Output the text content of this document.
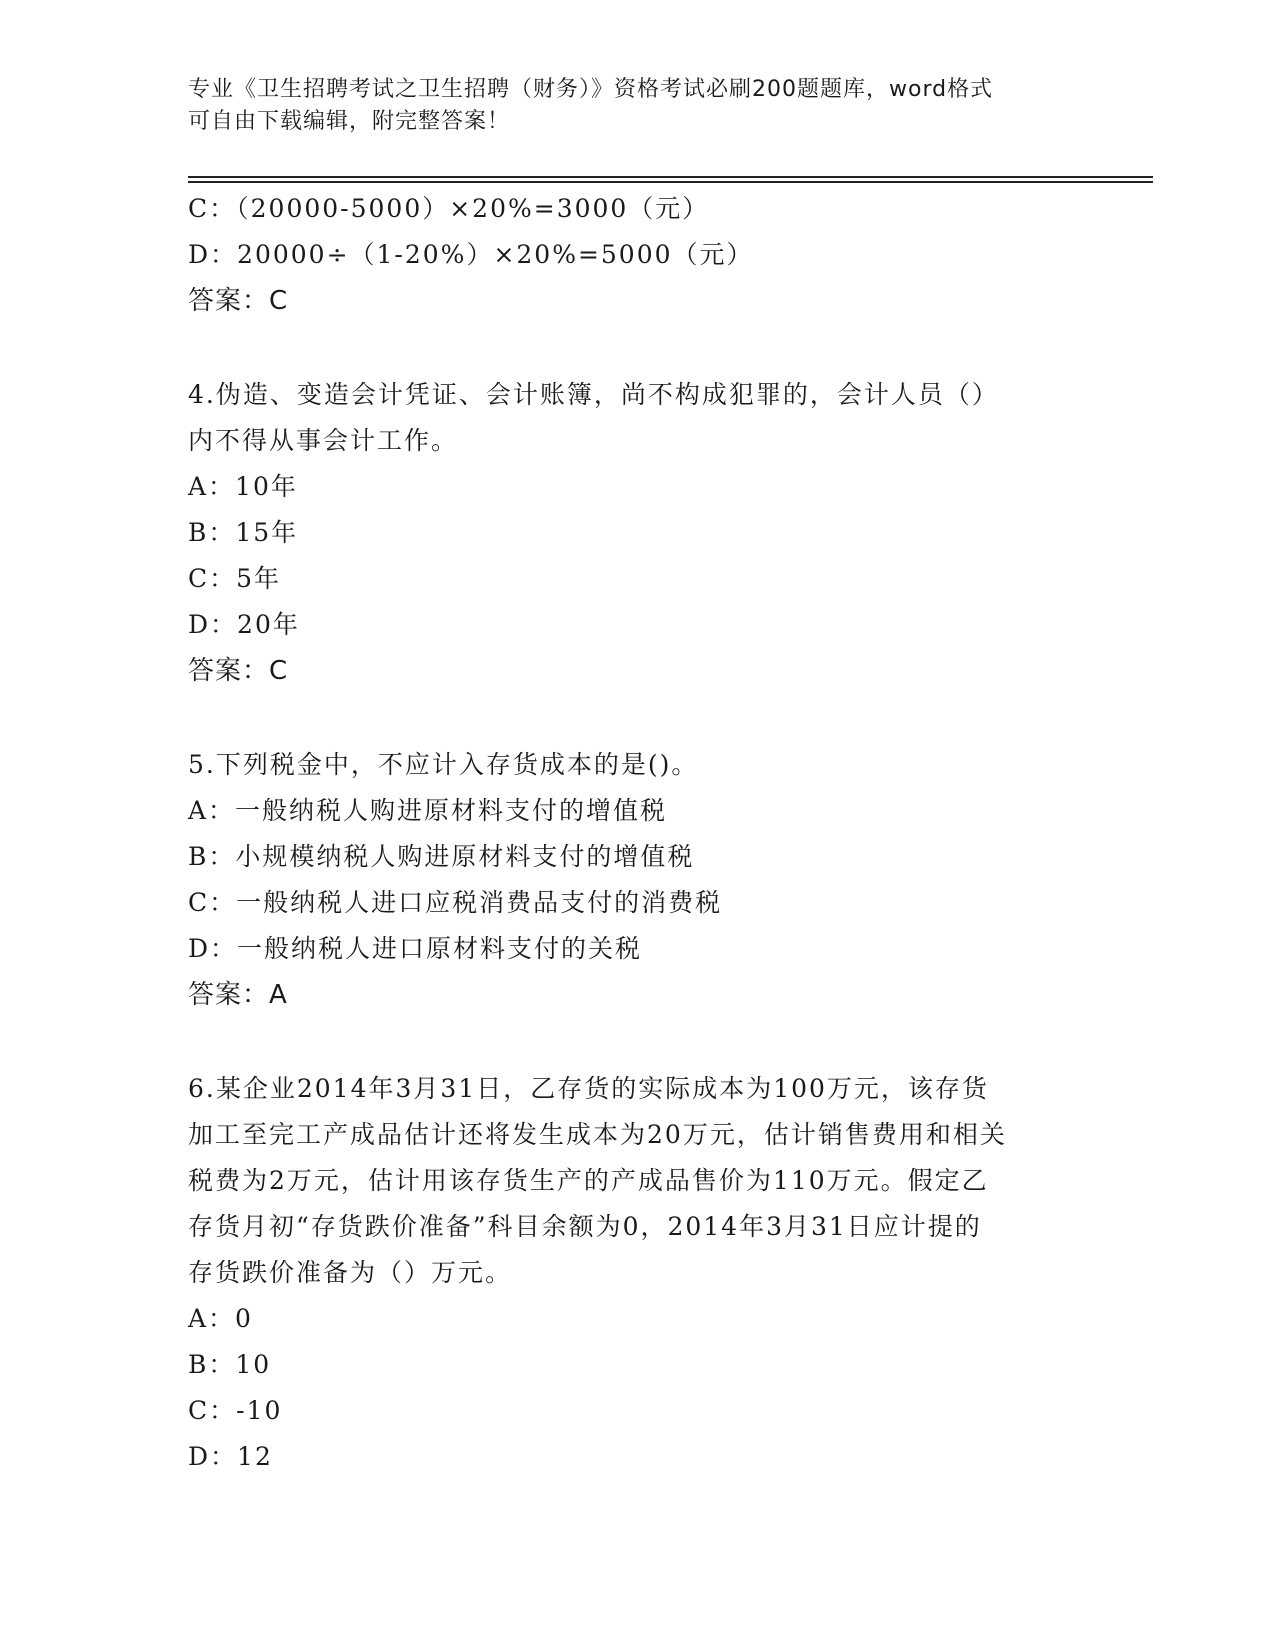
专业《卫生招聘考试之卫生招聘（财务）》资格考试必刷200题题库，word格式
可自由下载编辑，附完整答案！
C：（20000-5000）×20%=3000（元）
D：20000÷（1-20%）×20%=5000（元）
答案：C
4.伪造、变造会计凭证、会计账簿，尚不构成犯罪的，会计人员（）
内不得从事会计工作。
A：10年
B：15年
C：5年
D：20年
答案：C
5.下列税金中，不应计入存货成本的是()。
A：一般纳税人购进原材料支付的增值税
B：小规模纳税人购进原材料支付的增值税
C：一般纳税人进口应税消费品支付的消费税
D：一般纳税人进口原材料支付的关税
答案：A
6.某企业2014年3月31日，乙存货的实际成本为100万元，该存货
加工至完工产成品估计还将发生成本为20万元，估计销售费用和相关
税费为2万元，估计用该存货生产的产成品售价为110万元。假定乙
存货月初“存货跌价准备”科目余额为0，2014年3月31日应计提的
存货跌价准备为（）万元。
A：0
B：10
C：-10
D：12
